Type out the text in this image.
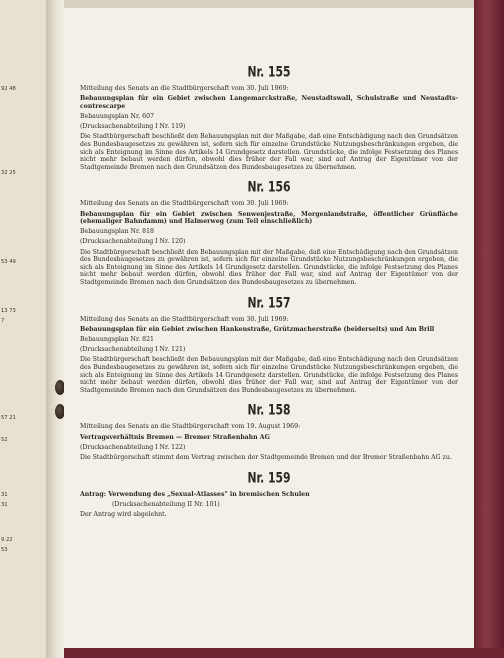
92 48
32 25
53 49
13 73
7
57 21
52
31
31
9 22
53
Nr. 155

Mitteilung des Senats an die Stadtbürgerschaft vom 30. Juli 1969:

Bebauungsplan für ein Gebiet zwischen Langemarckstraße, Neustadtswall, Schulstraße und Neustadts-contrescarpe

Bebauungsplan Nr. 607

(Drucksachenabteilung I Nr. 119)

Die Stadtbürgerschaft beschließt den Bebauungsplan mit der Maßgabe, daß eine Entschädigung nach den Grundsätzen des Bundesbaugesetzes zu gewähren ist, sofern sich für einzelne Grundstücke Nutzungsbeschränkungen ergeben, die sich als Enteignung im Sinne des Artikels 14 Grundgesetz darstellen. Grundstücke, die infolge Festsetzung des Planes nicht mehr bebaut werden dürfen, obwohl dies früher der Fall war, sind auf Antrag der Eigentümer von der Stadtgemeinde Bremen nach den Grundsätzen des Bundesbaugesetzes zu übernehmen.

Nr. 156

Mitteilung des Senats an die Stadtbürgerschaft vom 30. Juli 1969:

Bebauungsplan für ein Gebiet zwischen Senwenjestraße, Morgenlandstraße, öffentlicher Grünfläche (ehemaliger Bahndamm) und Halmerweg (zum Teil einschließlich)

Bebauungsplan Nr. 818

(Drucksachenabteilung I Nr. 120)

Die Stadtbürgerschaft beschließt den Bebauungsplan mit der Maßgabe, daß eine Entschädigung nach den Grundsätzen des Bundesbaugesetzes zu gewähren ist, sofern sich für einzelne Grundstücke Nutzungsbeschränkungen ergeben, die sich als Enteignung im Sinne des Artikels 14 Grundgesetz darstellen. Grundstücke, die infolge Festsetzung des Planes nicht mehr bebaut werden dürfen, obwohl dies früher der Fall war, sind auf Antrag der Eigentümer von der Stadtgemeinde Bremen nach den Grundsätzen des Bundesbaugesetzes zu übernehmen.

Nr. 157

Mitteilung des Senats an die Stadtbürgerschaft vom 30. Juli 1969:

Bebauungsplan für ein Gebiet zwischen Hankenstraße, Grützmacherstraße (beiderseits) und Am Brill

Bebauungsplan Nr. 821

(Drucksachenabteilung I Nr. 121)

Die Stadtbürgerschaft beschließt den Bebauungsplan mit der Maßgabe, daß eine Entschädigung nach den Grundsätzen des Bundesbaugesetzes zu gewähren ist, sofern sich für einzelne Grundstücke Nutzungsbeschränkungen ergeben, die sich als Enteignung im Sinne des Artikels 14 Grundgesetz darstellen. Grundstücke, die infolge Festsetzung des Planes nicht mehr bebaut werden dürfen, obwohl dies früher der Fall war, sind auf Antrag der Eigentümer von der Stadtgemeinde Bremen nach den Grundsätzen des Bundesbaugesetzes zu übernehmen.

Nr. 158

Mitteilung des Senats an die Stadtbürgerschaft vom 19. August 1969:

Vertragsverhältnis Bremen — Bremer Straßenbahn AG

(Drucksachenabteilung I Nr. 122)

Die Stadtbürgerschaft stimmt dem Vertrag zwischen der Stadtgemeinde Bremen und der Bremer Straßenbahn AG zu.

Nr. 159

Antrag: Verwendung des „Sexual-Atlasses" in bremischen Schulen

(Drucksachenabteilung II Nr. 101)

Der Antrag wird abgelehnt.
